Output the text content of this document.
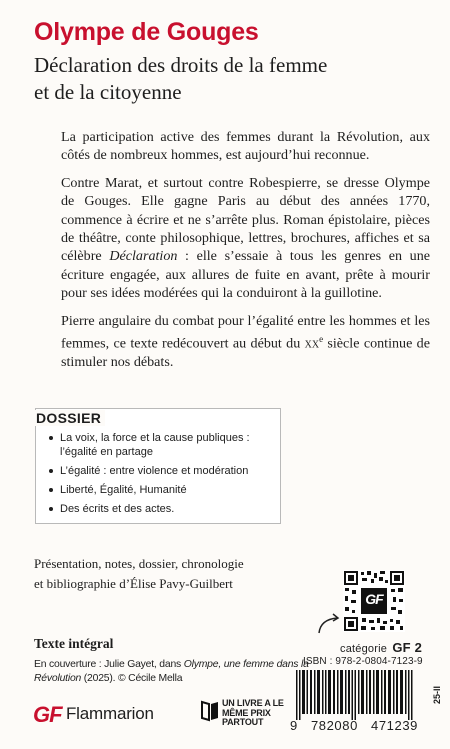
Olympe de Gouges
Déclaration des droits de la femme
et de la citoyenne

La participation active des femmes durant la Révolution, aux côtés de nombreux hommes, est aujourd’hui reconnue.

Contre Marat, et surtout contre Robespierre, se dresse Olympe de Gouges. Elle gagne Paris au début des années 1770, commence à écrire et ne s’arrête plus. Roman épistolaire, pièces de théâtre, conte philosophique, lettres, brochures, affiches et sa célèbre Déclaration : elle s’essaie à tous les genres en une écriture engagée, aux allures de fuite en avant, prête à mourir pour ses idées modérées qui la conduiront à la guillotine.

Pierre angulaire du combat pour l’égalité entre les hommes et les femmes, ce texte redécouvert au début du $xx^e$ siècle continue de stimuler nos débats.

La voix, la force et la cause publiques : l’égalité en partage
L’égalité : entre violence et modération
Liberté, Égalité, Humanité
Des écrits et des actes.
DOSSIER
Présentation, notes, dossier, chronologie
et bibliographie d’Élise Pavy-Guilbert
Texte intégral
En couverture : Julie Gayet, dans Olympe, une femme dans la Révolution (2025). © Cécile Mella
GF
catégorie GF 2
ISBN : 978-2-0804-7123-9
9 782080 471239
GF Flammarion
UN LIVRE A LE MÊME PRIX PARTOUT
25-II
